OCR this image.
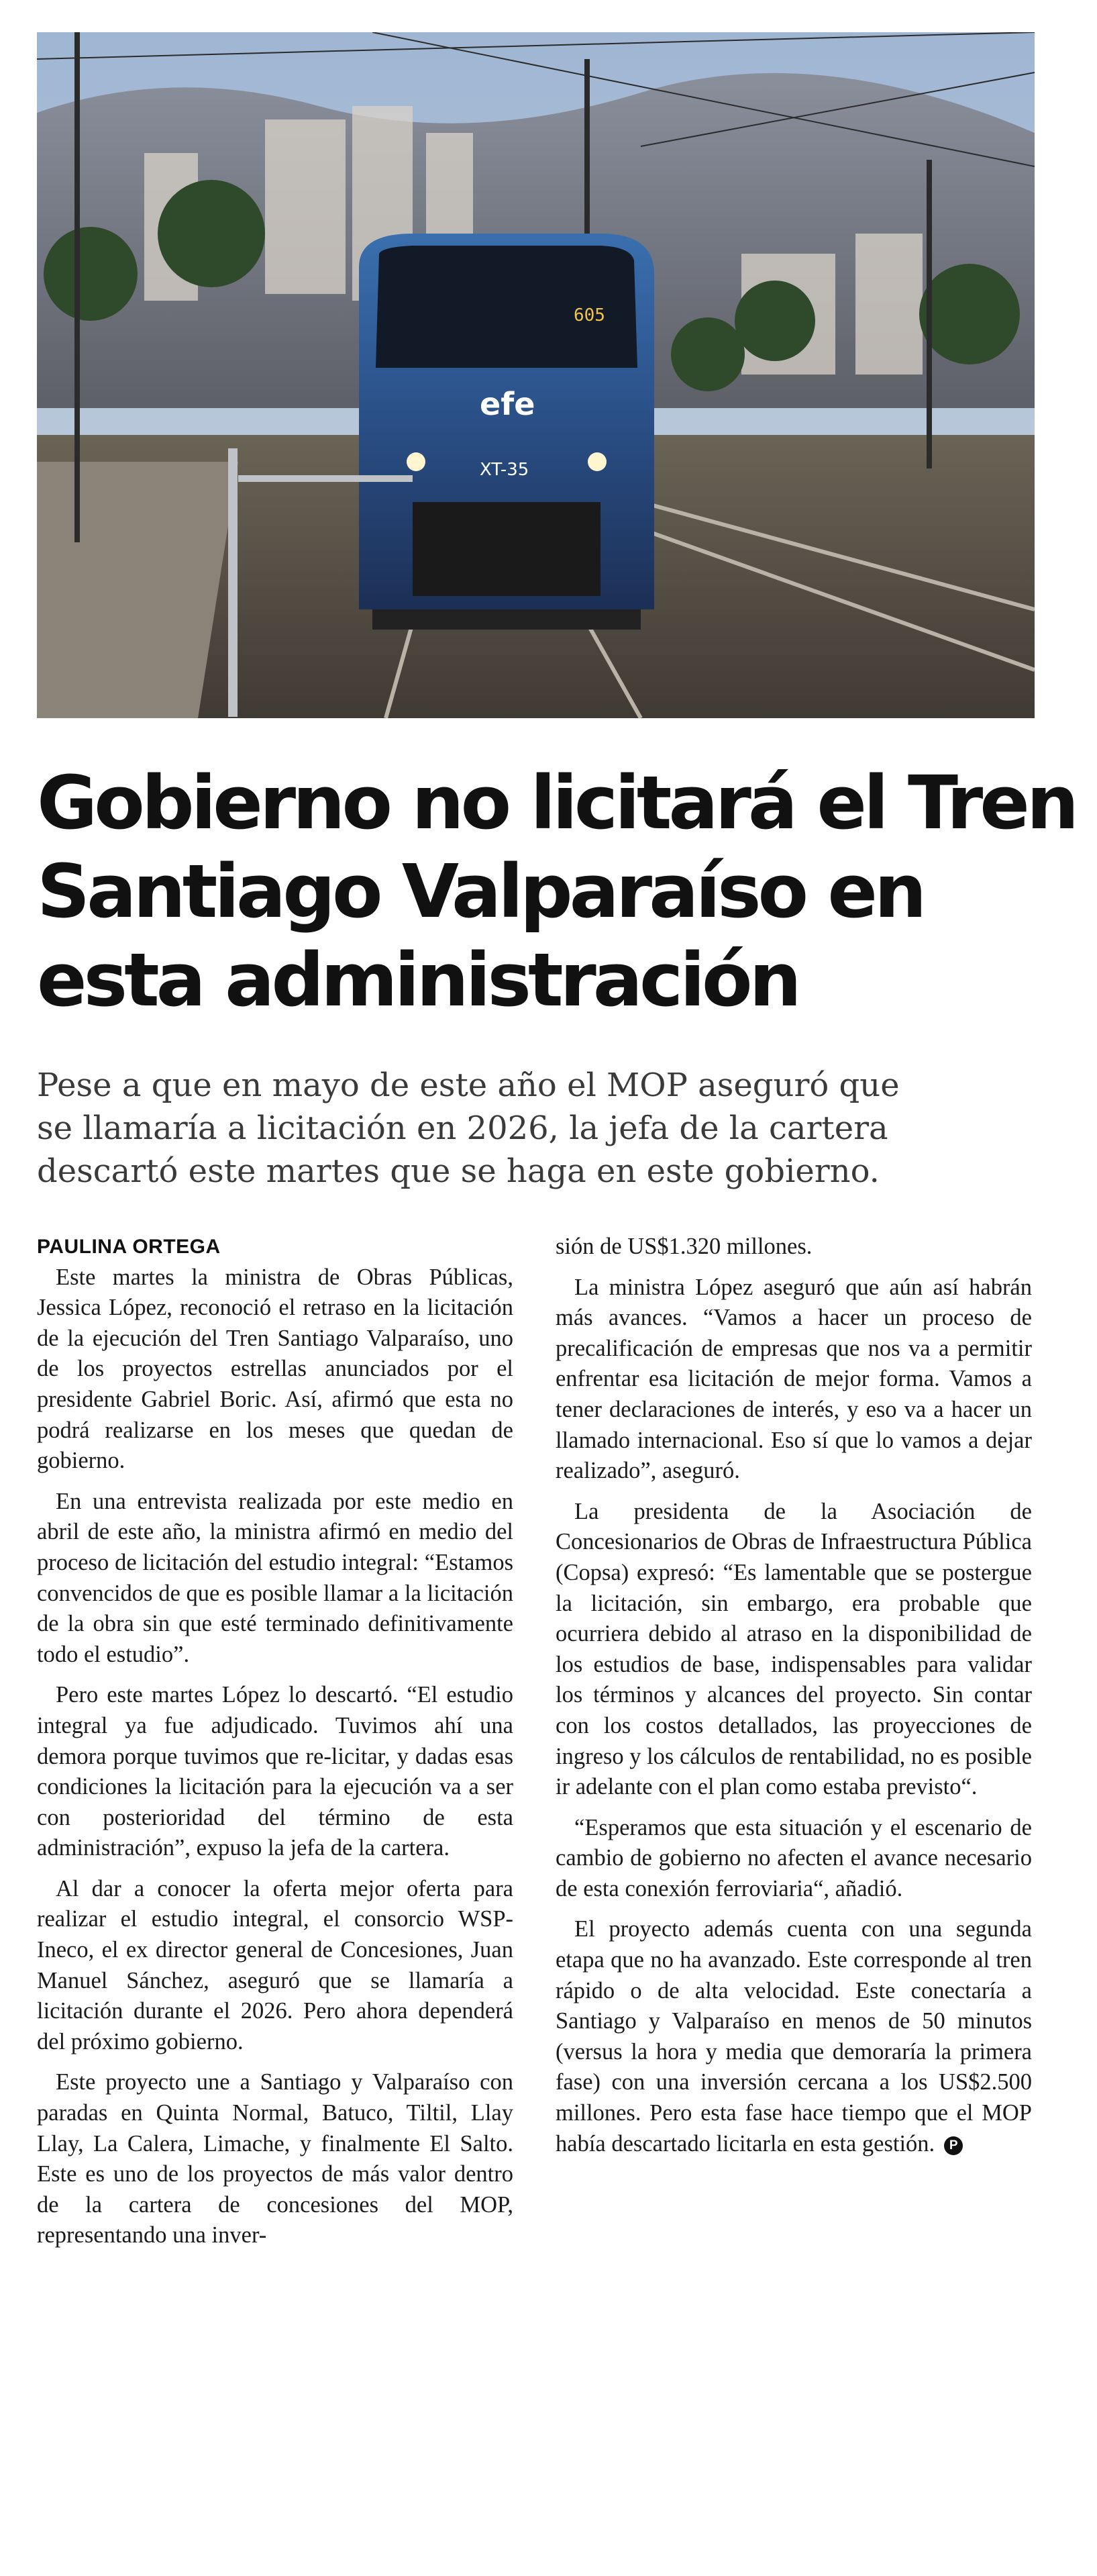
605
efe
XT-35
Gobierno no licitará el Tren
Santiago Valparaíso en
esta administración

Pese a que en mayo de este año el MOP aseguró que
se llamaría a licitación en 2026, la jefa de la cartera
descartó este martes que se haga en este gobierno.

PAULINA ORTEGA

Este martes la ministra de Obras Públicas, Jessica López, reconoció el retraso en la licitación de la ejecución del Tren Santiago Valparaíso, uno de los proyectos estrellas anunciados por el presidente Gabriel Boric. Así, afirmó que esta no podrá realizarse en los meses que quedan de gobierno.

En una entrevista realizada por este medio en abril de este año, la ministra afirmó en medio del proceso de licitación del estudio integral: “Estamos convencidos de que es posible llamar a la licitación de la obra sin que esté terminado definitivamente todo el estudio”.

Pero este martes López lo descartó. “El estudio integral ya fue adjudicado. Tuvimos ahí una demora porque tuvimos que re-licitar, y dadas esas condiciones la licitación para la ejecución va a ser con posterioridad del término de esta administración”, expuso la jefa de la cartera.

Al dar a conocer la oferta mejor oferta para realizar el estudio integral, el consorcio WSP-Ineco, el ex director general de Concesiones, Juan Manuel Sánchez, aseguró que se llamaría a licitación durante el 2026. Pero ahora dependerá del próximo gobierno.

Este proyecto une a Santiago y Valparaíso con paradas en Quinta Normal, Batuco, Tiltil, Llay Llay, La Calera, Limache, y finalmente El Salto. Este es uno de los proyectos de más valor dentro de la cartera de concesiones del MOP, representando una inver-

sión de US$1.320 millones.

La ministra López aseguró que aún así habrán más avances. “Vamos a hacer un proceso de precalificación de empresas que nos va a permitir enfrentar esa licitación de mejor forma. Vamos a tener declaraciones de interés, y eso va a hacer un llamado internacional. Eso sí que lo vamos a dejar realizado”, aseguró.

La presidenta de la Asociación de Concesionarios de Obras de Infraestructura Pública (Copsa) expresó: “Es lamentable que se postergue la licitación, sin embargo, era probable que ocurriera debido al atraso en la disponibilidad de los estudios de base, indispensables para validar los términos y alcances del proyecto. Sin contar con los costos detallados, las proyecciones de ingreso y los cálculos de rentabilidad, no es posible ir adelante con el plan como estaba previsto“.

“Esperamos que esta situación y el escenario de cambio de gobierno no afecten el avance necesario de esta conexión ferroviaria“, añadió.

El proyecto además cuenta con una segunda etapa que no ha avanzado. Este corresponde al tren rápido o de alta velocidad. Este conectaría a Santiago y Valparaíso en menos de 50 minutos (versus la hora y media que demoraría la primera fase) con una inversión cercana a los US$2.500 millones. Pero esta fase hace tiempo que el MOP había descartado licitarla en esta gestión. P
